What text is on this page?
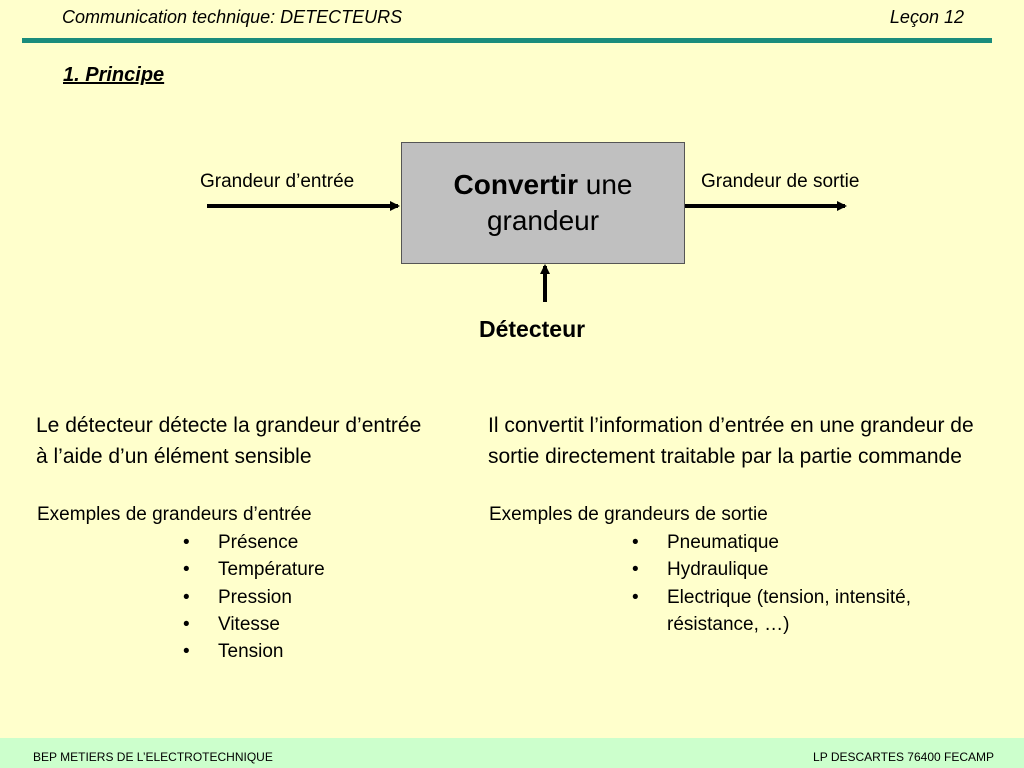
Communication technique: DETECTEURS	Leçon 12
1. Principe
Grandeur d’entrée	Grandeur de sortie
Convertir une
grandeur
Détecteur
Le détecteur détecte la grandeur d’entrée à l’aide d’un élément sensible
Exemples de grandeurs d’entrée
• Présence
• Température
• Pression
• Vitesse
• Tension
Il convertit l’information d’entrée en une grandeur de sortie directement traitable par la partie commande
Exemples de grandeurs de sortie
• Pneumatique
• Hydraulique
• Electrique (tension, intensité, résistance, …)
BEP METIERS DE L’ELECTROTECHNIQUE	LP DESCARTES 76400 FECAMP
